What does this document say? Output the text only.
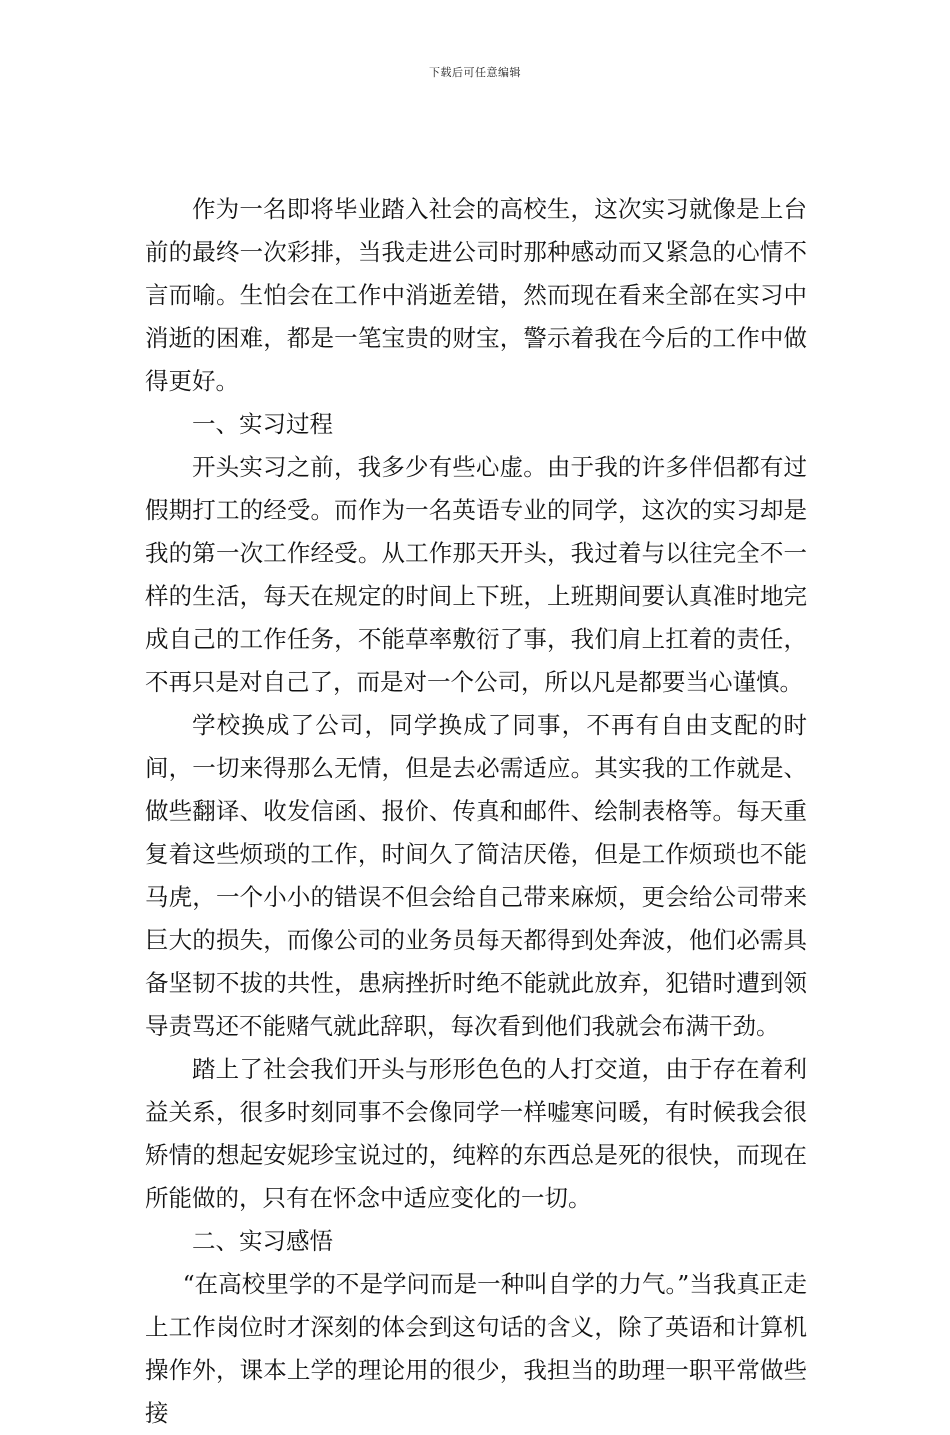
下载后可任意编辑

作为一名即将毕业踏入社会的高校生，这次实习就像是上台前的最终一次彩排，当我走进公司时那种感动而又紧急的心情不言而喻。生怕会在工作中消逝差错，然而现在看来全部在实习中消逝的困难，都是一笔宝贵的财宝，警示着我在今后的工作中做得更好。

一、实习过程

开头实习之前，我多少有些心虚。由于我的许多伴侣都有过假期打工的经受。而作为一名英语专业的同学，这次的实习却是我的第一次工作经受。从工作那天开头，我过着与以往完全不一样的生活，每天在规定的时间上下班，上班期间要认真准时地完成自己的工作任务，不能草率敷衍了事，我们肩上扛着的责任，不再只是对自己了，而是对一个公司，所以凡是都要当心谨慎。

学校换成了公司，同学换成了同事，不再有自由支配的时间，一切来得那么无情，但是去必需适应。其实我的工作就是、做些翻译、收发信函、报价、传真和邮件、绘制表格等。每天重复着这些烦琐的工作，时间久了简洁厌倦，但是工作烦琐也不能马虎，一个小小的错误不但会给自己带来麻烦，更会给公司带来巨大的损失，而像公司的业务员每天都得到处奔波，他们必需具备坚韧不拔的共性，患病挫折时绝不能就此放弃，犯错时遭到领导责骂还不能赌气就此辞职，每次看到他们我就会布满干劲。

踏上了社会我们开头与形形色色的人打交道，由于存在着利益关系，很多时刻同事不会像同学一样嘘寒问暖，有时候我会很矫情的想起安妮珍宝说过的，纯粹的东西总是死的很快，而现在所能做的，只有在怀念中适应变化的一切。

二、实习感悟

“在高校里学的不是学问而是一种叫自学的力气。”当我真正走上工作岗位时才深刻的体会到这句话的含义，除了英语和计算机操作外，课本上学的理论用的很少，我担当的助理一职平常做些接
